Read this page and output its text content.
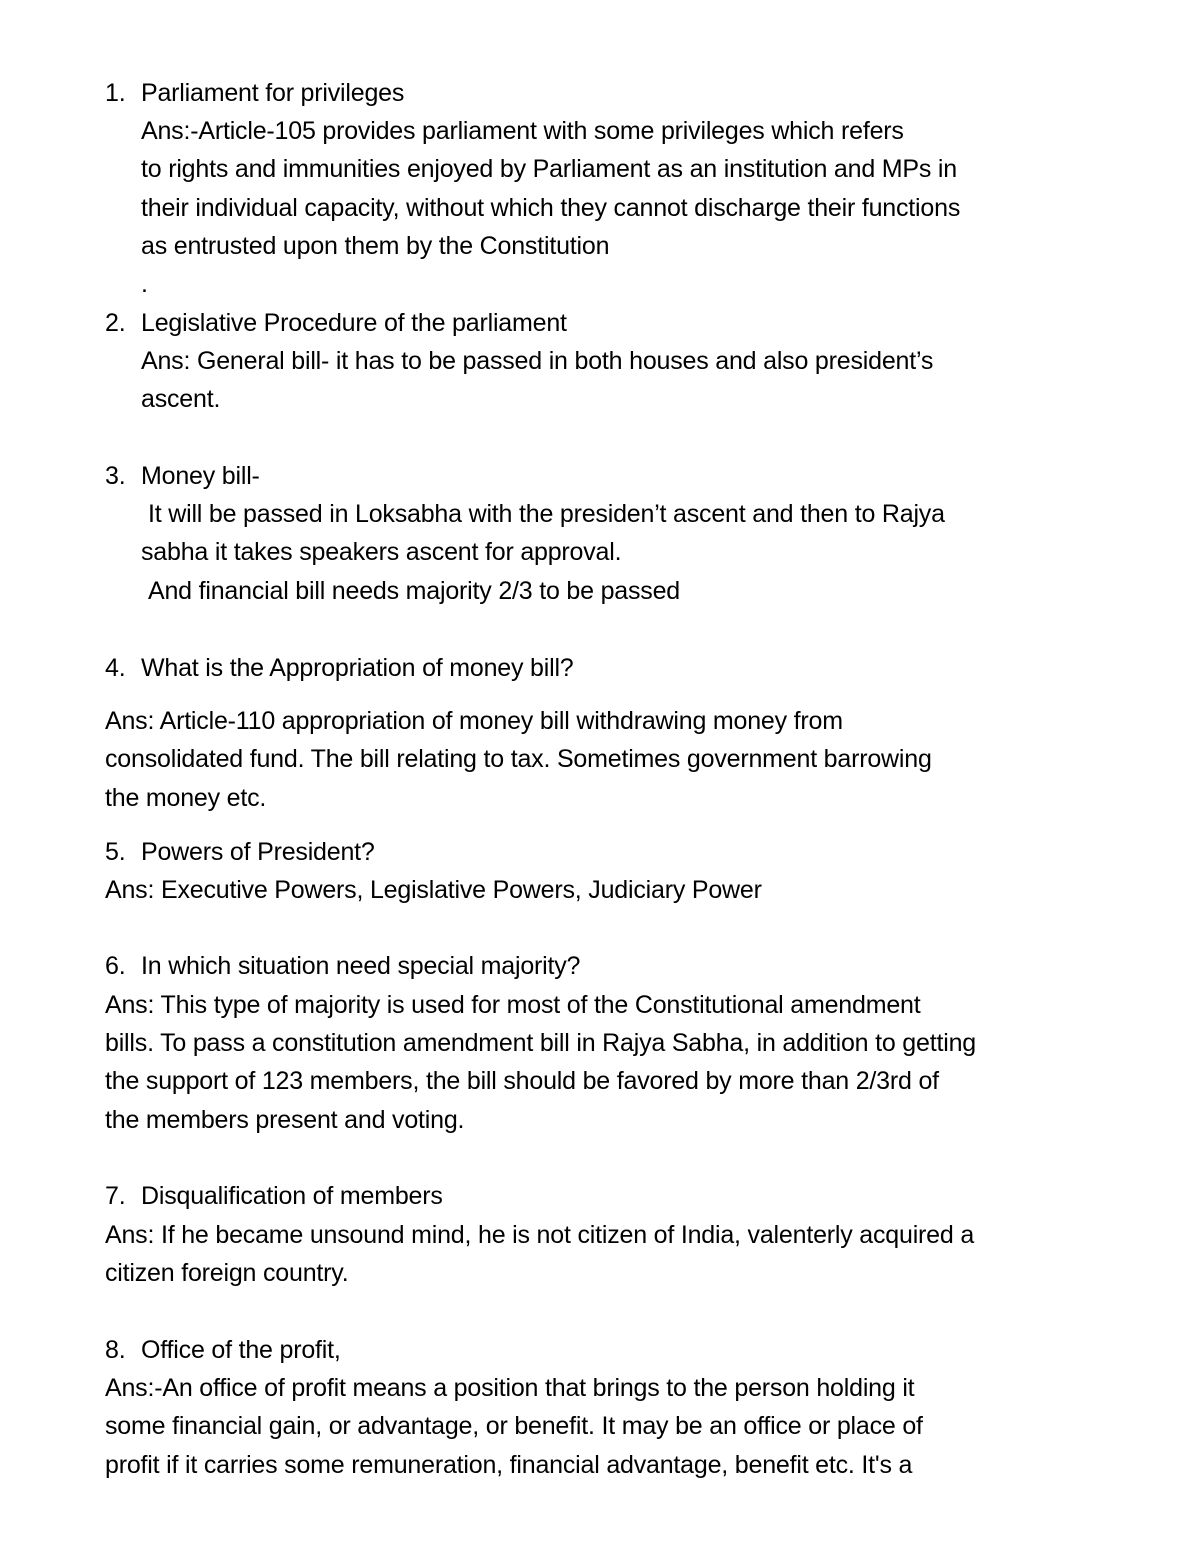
1. Parliament for privileges
Ans:-Article-105 provides parliament with some privileges which refers
to rights and immunities enjoyed by Parliament as an institution and MPs in
their individual capacity, without which they cannot discharge their functions
as entrusted upon them by the Constitution
.
2. Legislative Procedure of the parliament
Ans: General bill- it has to be passed in both houses and also president’s
ascent.
3. Money bill-
It will be passed in Loksabha with the presiden’t ascent and then to Rajya
sabha it takes speakers ascent for approval.
And financial bill needs majority 2/3 to be passed
4. What is the Appropriation of money bill?
Ans: Article-110 appropriation of money bill withdrawing money from
consolidated fund. The bill relating to tax. Sometimes government barrowing
the money etc.
5. Powers of President?
Ans: Executive Powers, Legislative Powers, Judiciary Power
6. In which situation need special majority?
Ans: This type of majority is used for most of the Constitutional amendment
bills. To pass a constitution amendment bill in Rajya Sabha, in addition to getting
the support of 123 members, the bill should be favored by more than 2/3rd of
the members present and voting.
7. Disqualification of members
Ans: If he became unsound mind, he is not citizen of India, valenterly acquired a
citizen foreign country.
8. Office of the profit,
Ans:-An office of profit means a position that brings to the person holding it
some financial gain, or advantage, or benefit. It may be an office or place of
profit if it carries some remuneration, financial advantage, benefit etc. It's a
